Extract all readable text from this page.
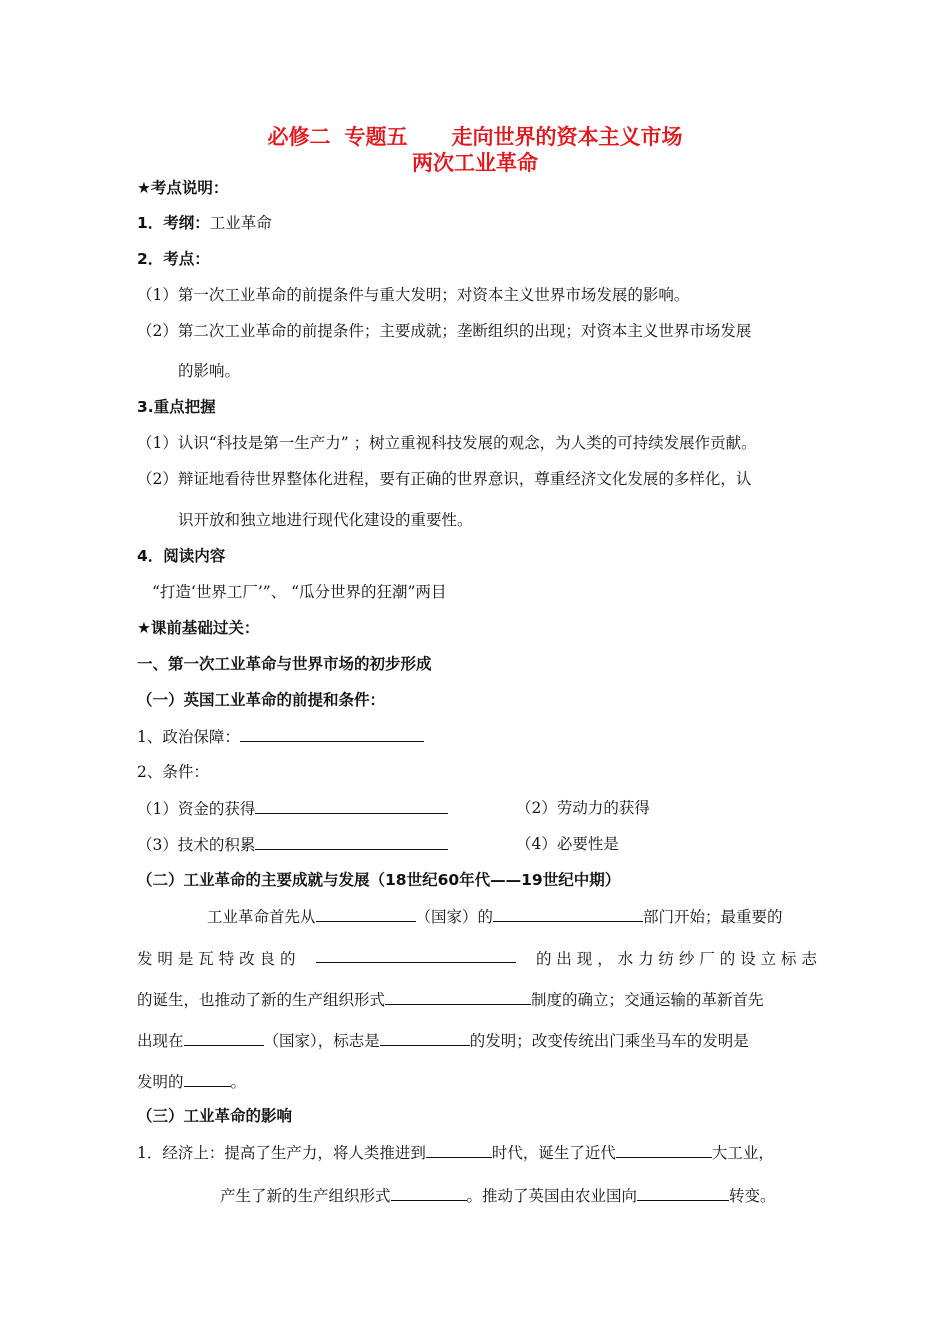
必修二 专题五 走向世界的资本主义市场
两次工业革命
★考点说明：
1．考纲：工业革命
2．考点：
（1）第一次工业革命的前提条件与重大发明；对资本主义世界市场发展的影响。
（2）第二次工业革命的前提条件；主要成就；垄断组织的出现；对资本主义世界市场发展
的影响。
3.重点把握
（1）认识“科技是第一生产力” ；树立重视科技发展的观念，为人类的可持续发展作贡献。
（2）辩证地看待世界整体化进程，要有正确的世界意识，尊重经济文化发展的多样化，认
识开放和独立地进行现代化建设的重要性。
4．阅读内容
“打造‘世界工厂’”、 “瓜分世界的狂潮”两目
★课前基础过关：
一、第一次工业革命与世界市场的初步形成
（一）英国工业革命的前提和条件：
1、政治保障：
2、条件：
（1）资金的获得	（2）劳动力的获得
（3）技术的积累	（4）必要性是
（二）工业革命的主要成就与发展（18世纪60年代——19世纪中期）
工业革命首先从	（国家）的	部门开始；最重要的
发 明 是 瓦 特 改 良 的	的 出 现 ， 水 力 纺 纱 厂 的 设 立 标 志
的诞生，也推动了新的生产组织形式	制度的确立；交通运输的革新首先
出现在	（国家），标志是	的发明；改变传统出门乘坐马车的发明是
发明的	。
（三）工业革命的影响
1．经济上：提高了生产力，将人类推进到	时代，诞生了近代	大工业，
产生了新的生产组织形式	。推动了英国由农业国向	转变。
